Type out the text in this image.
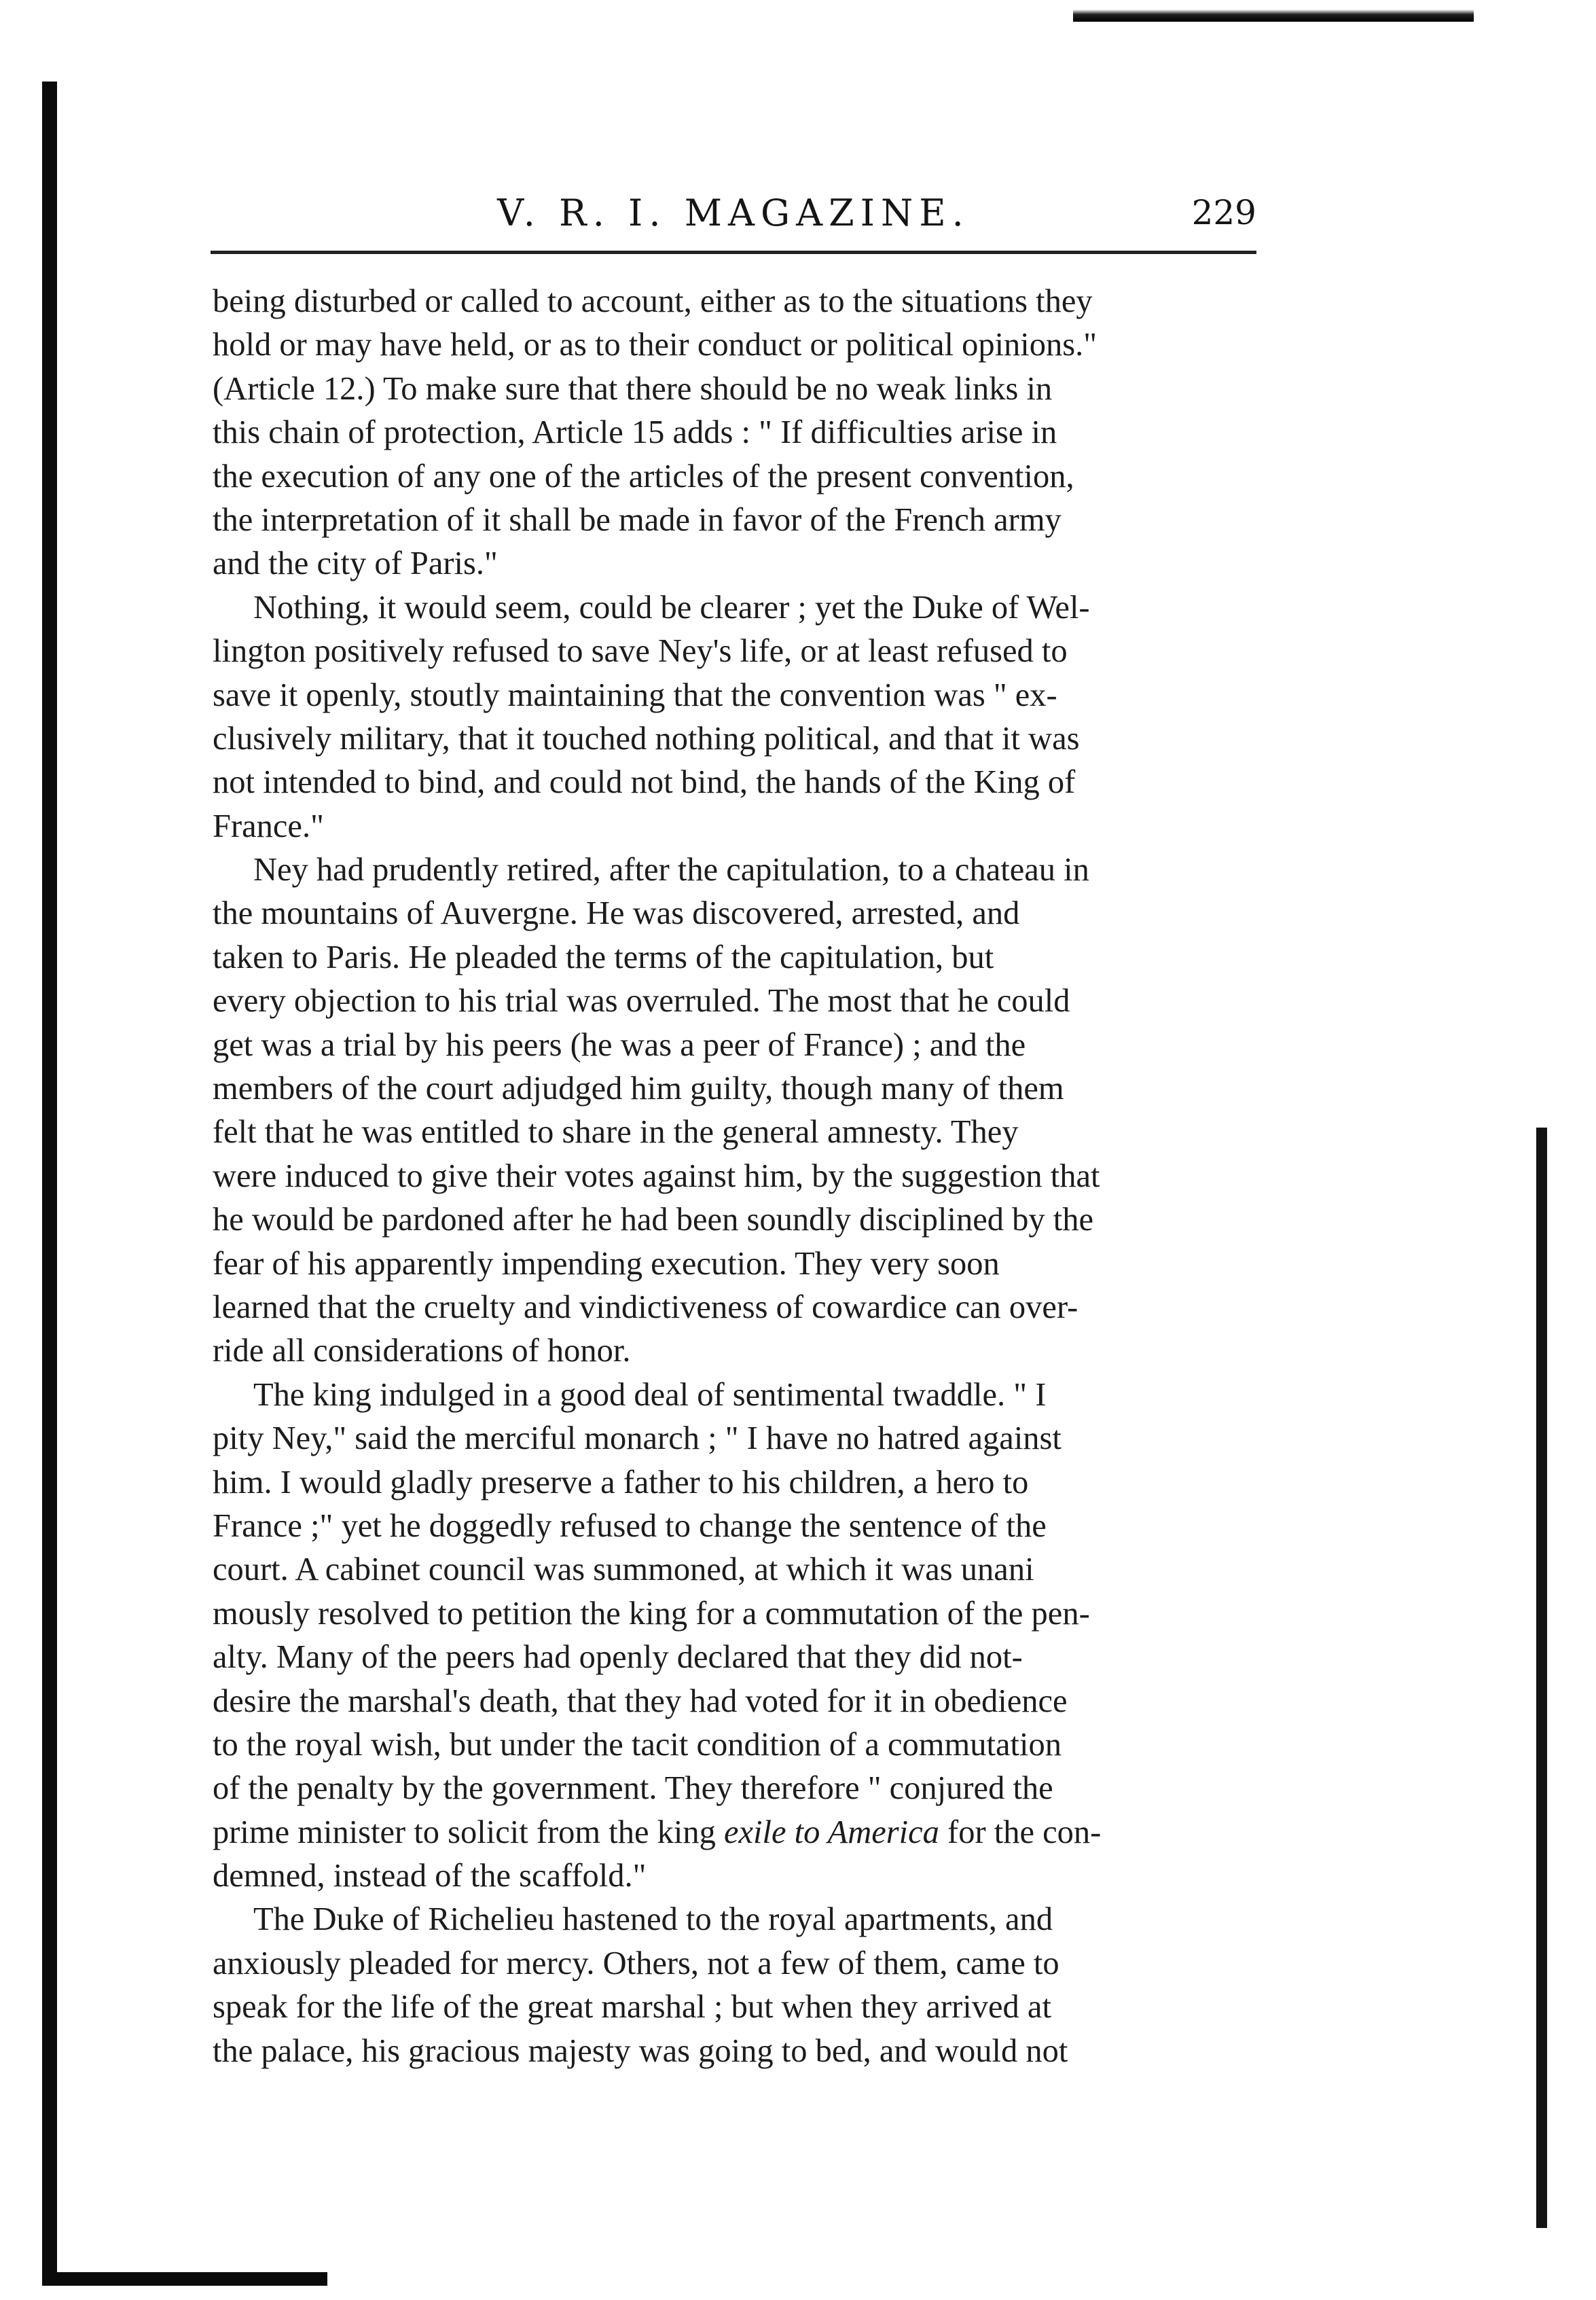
V. R. I. MAGAZINE.	229
being disturbed or called to account, either as to the situations they
hold or may have held, or as to their conduct or political opinions."
(Article 12.) To make sure that there should be no weak links in
this chain of protection, Article 15 adds : " If difficulties arise in
the execution of any one of the articles of the present convention,
the interpretation of it shall be made in favor of the French army
and the city of Paris."
Nothing, it would seem, could be clearer ; yet the Duke of Wel-
lington positively refused to save Ney's life, or at least refused to
save it openly, stoutly maintaining that the convention was " ex-
clusively military, that it touched nothing political, and that it was
not intended to bind, and could not bind, the hands of the King of
France."
Ney had prudently retired, after the capitulation, to a chateau in
the mountains of Auvergne. He was discovered, arrested, and
taken to Paris. He pleaded the terms of the capitulation, but
every objection to his trial was overruled. The most that he could
get was a trial by his peers (he was a peer of France) ; and the
members of the court adjudged him guilty, though many of them
felt that he was entitled to share in the general amnesty. They
were induced to give their votes against him, by the suggestion that
he would be pardoned after he had been soundly disciplined by the
fear of his apparently impending execution. They very soon
learned that the cruelty and vindictiveness of cowardice can over-
ride all considerations of honor.
The king indulged in a good deal of sentimental twaddle. " I
pity Ney," said the merciful monarch ; " I have no hatred against
him. I would gladly preserve a father to his children, a hero to
France ;" yet he doggedly refused to change the sentence of the
court. A cabinet council was summoned, at which it was unani
mously resolved to petition the king for a commutation of the pen-
alty. Many of the peers had openly declared that they did not-
desire the marshal's death, that they had voted for it in obedience
to the royal wish, but under the tacit condition of a commutation
of the penalty by the government. They therefore " conjured the
prime minister to solicit from the king exile to America for the con-
demned, instead of the scaffold."
The Duke of Richelieu hastened to the royal apartments, and
anxiously pleaded for mercy. Others, not a few of them, came to
speak for the life of the great marshal ; but when they arrived at
the palace, his gracious majesty was going to bed, and would not
